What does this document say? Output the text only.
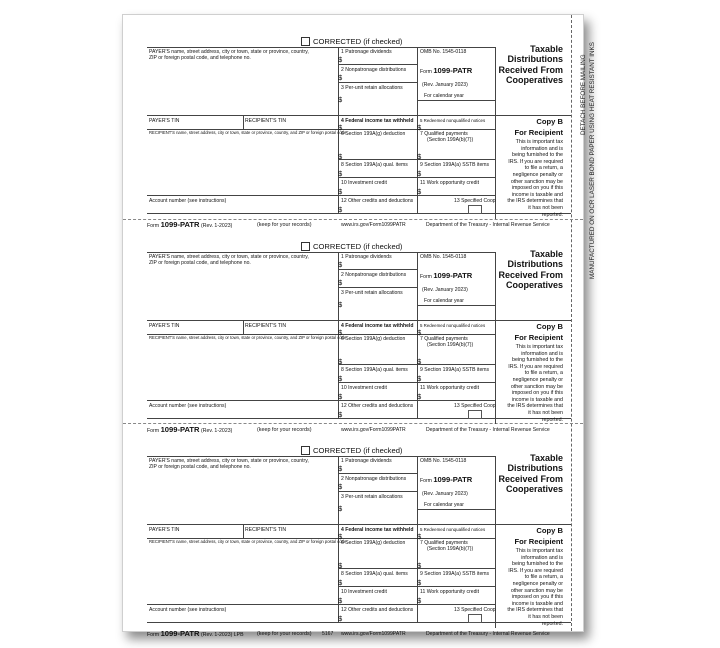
DETACH BEFORE MAILING MANUFACTURED ON OCR LASER BOND PAPER USING HEAT RESISTANT INKS
CORRECTED (if checked)
PAYER'S name, street address, city or town, state or province, country,
ZIP or foreign postal code, and telephone no.
PAYER'S TIN	RECIPIENT'S TIN
RECIPIENT'S name, street address, city or town, state or province, country, and ZIP or foreign postal code
Account number (see instructions)
1 Patronage dividends
$
2 Nonpatronage distributions
$
3 Per-unit retain allocations
$
OMB No. 1545-0118
Form 1099-PATR
(Rev. January 2023)
For calendar year
4 Federal income tax withheld
$
5 Redeemed nonqualified notices
$
6 Section 199A(g) deduction
$
7 Qualified payments
(Section 199A(b)(7))
$
8 Section 199A(a) qual. items
$
9 Section 199A(a) SSTB items
$
10 Investment credit
$
11 Work opportunity credit
$
12 Other credits and deductions
$
13 Specified Coop
Taxable
Distributions
Received From
Cooperatives
Copy B
For Recipient
This is important tax
information and is
being furnished to the
IRS. If you are required
to file a return, a
negligence penalty or
other sanction may be
imposed on you if this
income is taxable and
the IRS determines that
it has not been
reported.
Form 1099-PATR (Rev. 1-2023)	(keep for your records)	www.irs.gov/Form1099PATR	Department of the Treasury - Internal Revenue Service
CORRECTED (if checked)
PAYER'S name, street address, city or town, state or province, country,
ZIP or foreign postal code, and telephone no.
PAYER'S TIN	RECIPIENT'S TIN
RECIPIENT'S name, street address, city or town, state or province, country, and ZIP or foreign postal code
Account number (see instructions)
1 Patronage dividends
$
2 Nonpatronage distributions
$
3 Per-unit retain allocations
$
OMB No. 1545-0118
Form 1099-PATR
(Rev. January 2023)
For calendar year
4 Federal income tax withheld
$
5 Redeemed nonqualified notices
$
6 Section 199A(g) deduction
$
7 Qualified payments
(Section 199A(b)(7))
$
8 Section 199A(a) qual. items
$
9 Section 199A(a) SSTB items
$
10 Investment credit
$
11 Work opportunity credit
$
12 Other credits and deductions
$
13 Specified Coop
Taxable
Distributions
Received From
Cooperatives
Copy B
For Recipient
This is important tax
information and is
being furnished to the
IRS. If you are required
to file a return, a
negligence penalty or
other sanction may be
imposed on you if this
income is taxable and
the IRS determines that
it has not been
reported.
Form 1099-PATR (Rev. 1-2023)	(keep for your records)	www.irs.gov/Form1099PATR	Department of the Treasury - Internal Revenue Service
CORRECTED (if checked)
PAYER'S name, street address, city or town, state or province, country,
ZIP or foreign postal code, and telephone no.
PAYER'S TIN	RECIPIENT'S TIN
RECIPIENT'S name, street address, city or town, state or province, country, and ZIP or foreign postal code
Account number (see instructions)
1 Patronage dividends
$
2 Nonpatronage distributions
$
3 Per-unit retain allocations
$
OMB No. 1545-0118
Form 1099-PATR
(Rev. January 2023)
For calendar year
4 Federal income tax withheld
$
5 Redeemed nonqualified notices
$
6 Section 199A(g) deduction
$
7 Qualified payments
(Section 199A(b)(7))
$
8 Section 199A(a) qual. items
$
9 Section 199A(a) SSTB items
$
10 Investment credit
$
11 Work opportunity credit
$
12 Other credits and deductions
$
13 Specified Coop
Taxable
Distributions
Received From
Cooperatives
Copy B
For Recipient
This is important tax
information and is
being furnished to the
IRS. If you are required
to file a return, a
negligence penalty or
other sanction may be
imposed on you if this
income is taxable and
the IRS determines that
it has not been
reported.
Form 1099-PATR (Rev. 1-2023) LPB (keep for your records) 5167 www.irs.gov/Form1099PATR	Department of the Treasury - Internal Revenue Service
